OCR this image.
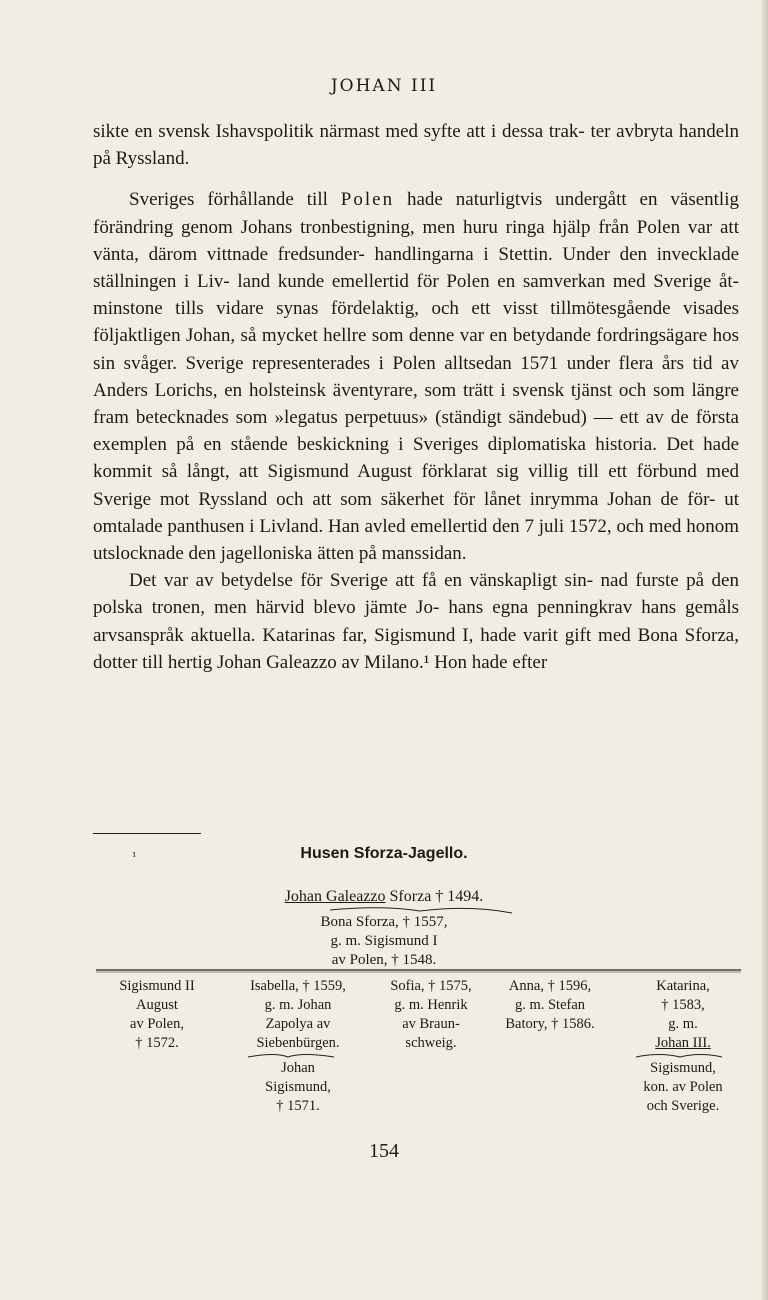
JOHAN III

sikte en svensk Ishavspolitik närmast med syfte att i dessa trak- ter avbryta handeln på Ryssland.

Sveriges förhållande till Polen hade naturligtvis undergått en väsentlig förändring genom Johans tronbestigning, men huru ringa hjälp från Polen var att vänta, därom vittnade fredsunder- handlingarna i Stettin. Under den invecklade ställningen i Liv- land kunde emellertid för Polen en samverkan med Sverige åt- minstone tills vidare synas fördelaktig, och ett visst tillmötesgående visades följaktligen Johan, så mycket hellre som denne var en betydande fordringsägare hos sin svåger. Sverige representerades i Polen alltsedan 1571 under flera års tid av Anders Lorichs, en holsteinsk äventyrare, som trätt i svensk tjänst och som längre fram betecknades som »legatus perpetuus» (ständigt sändebud) — ett av de första exemplen på en stående beskickning i Sveriges diplomatiska historia. Det hade kommit så långt, att Sigismund August förklarat sig villig till ett förbund med Sverige mot Ryssland och att som säkerhet för lånet inrymma Johan de för- ut omtalade panthusen i Livland. Han avled emellertid den 7 juli 1572, och med honom utslocknade den jagelloniska ätten på manssidan.

Det var av betydelse för Sverige att få en vänskapligt sin- nad furste på den polska tronen, men härvid blevo jämte Jo- hans egna penningkrav hans gemåls arvsanspråk aktuella. Katarinas far, Sigismund I, hade varit gift med Bona Sforza, dotter till hertig Johan Galeazzo av Milano.¹ Hon hade efter

¹	Husen Sforza-Jagello.
Johan Galeazzo Sforza † 1494.
Bona Sforza, † 1557,
g. m. Sigismund I
av Polen, † 1548.
Sigismund II
August
av Polen,
† 1572.
Isabella, † 1559,
g. m. Johan
Zapolya av
Siebenbürgen.
Johan
Sigismund,
† 1571.
Sofia, † 1575,
g. m. Henrik
av Braun-
schweig.
Anna, † 1596,
g. m. Stefan
Batory, † 1586.
Katarina,
† 1583,
g. m.
Johan III.
Sigismund,
kon. av Polen
och Sverige.
154
